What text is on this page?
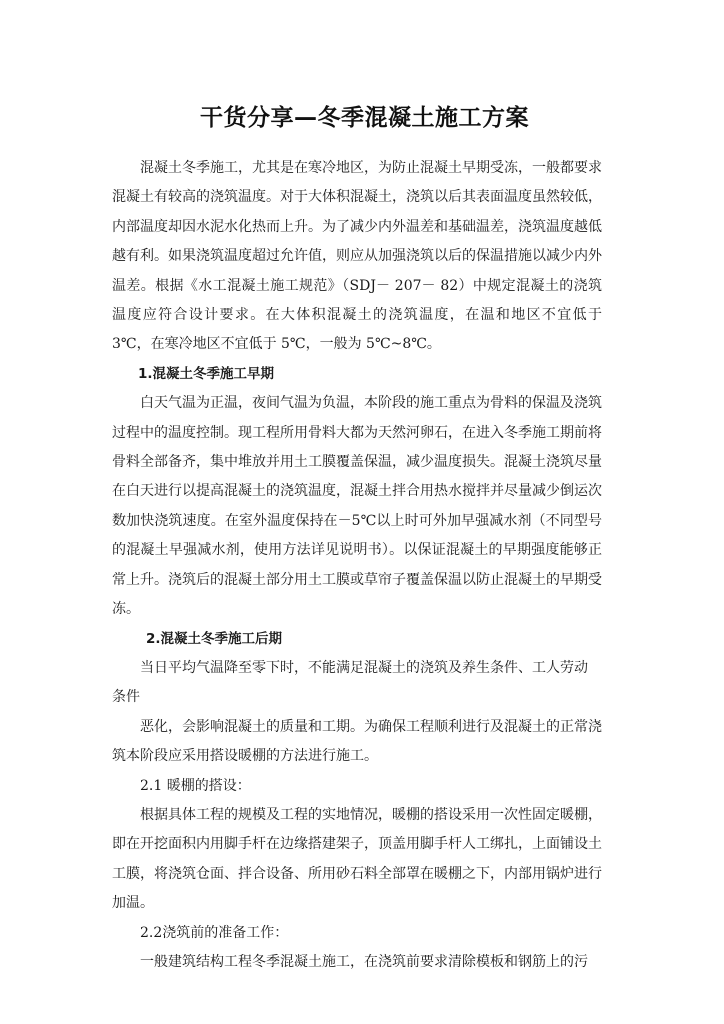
干货分享—冬季混凝土施工方案

混凝土冬季施工，尤其是在寒冷地区，为防止混凝土早期受冻，一般都要求混凝土有较高的浇筑温度。对于大体积混凝土，浇筑以后其表面温度虽然较低，内部温度却因水泥水化热而上升。为了减少内外温差和基础温差，浇筑温度越低越有利。如果浇筑温度超过允许值，则应从加强浇筑以后的保温措施以减少内外温差。根据《水工混凝土施工规范》（SDJ－ 207－ 82）中规定混凝土的浇筑温度应符合设计要求。在大体积混凝土的浇筑温度，在温和地区不宜低于 3℃，在寒冷地区不宜低于 5℃，一般为 5℃~8℃。

1.混凝土冬季施工早期

白天气温为正温，夜间气温为负温，本阶段的施工重点为骨料的保温及浇筑过程中的温度控制。现工程所用骨料大都为天然河卵石，在进入冬季施工期前将骨料全部备齐，集中堆放并用土工膜覆盖保温，减少温度损失。混凝土浇筑尽量在白天进行以提高混凝土的浇筑温度，混凝土拌合用热水搅拌并尽量减少倒运次数加快浇筑速度。在室外温度保持在－5℃以上时可外加早强减水剂（不同型号的混凝土早强减水剂，使用方法详见说明书）。以保证混凝土的早期强度能够正常上升。浇筑后的混凝土部分用土工膜或草帘子覆盖保温以防止混凝土的早期受冻。

2.混凝土冬季施工后期

当日平均气温降至零下时，不能满足混凝土的浇筑及养生条件、工人劳动

条件

恶化，会影响混凝土的质量和工期。为确保工程顺利进行及混凝土的正常浇筑本阶段应采用搭设暖棚的方法进行施工。

2.1 暖棚的搭设：

根据具体工程的规模及工程的实地情况，暖棚的搭设采用一次性固定暖棚，即在开挖面积内用脚手杆在边缘搭建架子，顶盖用脚手杆人工绑扎，上面铺设土工膜，将浇筑仓面、拌合设备、所用砂石料全部罩在暖棚之下，内部用锅炉进行加温。

2.2浇筑前的准备工作：

一般建筑结构工程冬季混凝土施工，在浇筑前要求清除模板和钢筋上的污
